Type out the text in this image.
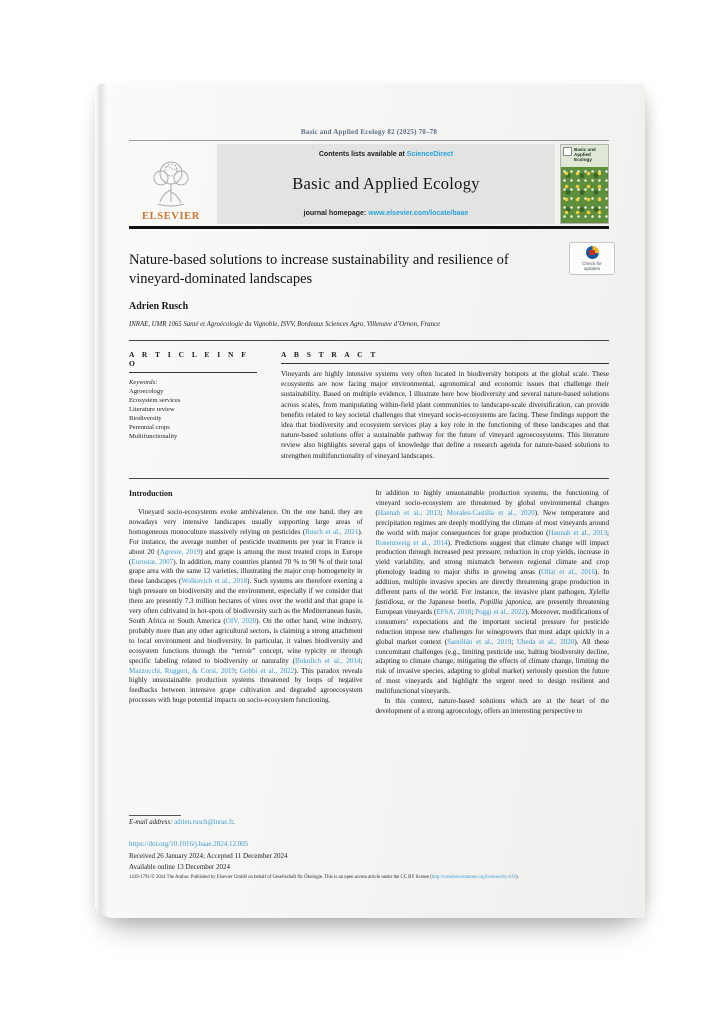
Basic and Applied Ecology 82 (2025) 70–78
ELSEVIER
Contents lists available at ScienceDirect
Basic and Applied Ecology
journal homepage: www.elsevier.com/locate/baae
Basic and
Applied Ecology
Check for
updates
Nature-based solutions to increase sustainability and resilience of vineyard-dominated landscapes
Adrien Rusch
INRAE, UMR 1065 Santé et Agroécologie du Vignoble, ISVV, Bordeaux Sciences Agro, Villenave d’Ornon, France
A R T I C L E I N F O
Keywords:
Agroecology
Ecosystem services
Literature review
Biodiversity
Perennial crops
Multifunctionality
A B S T R A C T

Vineyards are highly intensive systems very often located in biodiversity hotspots at the global scale. These ecosystems are now facing major environmental, agronomical and economic issues that challenge their sustainability. Based on multiple evidence, I illustrate here how biodiversity and several nature-based solutions across scales, from manipulating within-field plant communities to landscape-scale diversification, can provide benefits related to key societal challenges that vineyard socio-ecosystems are facing. These findings support the idea that biodiversity and ecosystem services play a key role in the functioning of these landscapes and that nature-based solutions offer a sustainable pathway for the future of vineyard agroecosystems. This literature review also highlights several gaps of knowledge that define a research agenda for nature-based solutions to strengthen multifunctionality of vineyard landscapes.

Introduction

Vineyard socio-ecosystems evoke ambivalence. On the one hand, they are nowadays very intensive landscapes usually supporting large areas of homogeneous monoculture massively relying on pesticides (Rusch et al., 2021). For instance, the average number of pesticide treatments per year in France is about 20 (Agreste, 2019) and grape is among the most treated crops in Europe (Eurostat, 2007). In addition, many countries planted 70 % to 90 % of their total grape area with the same 12 varieties, illustrating the major crop homogeneity in these landscapes (Wolkovich et al., 2018). Such systems are therefore exerting a high pressure on biodiversity and the environment, especially if we consider that there are presently 7.3 million hectares of vines over the world and that grape is very often cultivated in hot-spots of biodiversity such as the Mediterranean basin, South Africa or South America (OIV, 2020). On the other hand, wine industry, probably more than any other agricultural sectors, is claiming a strong attachment to local environment and biodiversity. In particular, it values biodiversity and ecosystem functions through the “terroir” concept, wine typicity or through specific labeling related to biodiversity or naturality (Bokulich et al., 2014; Mazzocchi, Ruggeri, & Corsi, 2019; Gobbi et al., 2022). This paradox reveals highly unsustainable production systems threatened by loops of negative feedbacks between intensive grape cultivation and degraded agroecosystem processes with huge potential impacts on socio-ecosystem functioning.

In addition to highly unsustainable production systems, the functioning of vineyard socio-ecosystem are threatened by global environmental changes (Hannah et al., 2013; Morales-Castilla et al., 2020). New temperature and precipitation regimes are deeply modifying the climate of most vineyards around the world with major consequences for grape production (Hannah et al., 2013; Rosenzweig et al., 2014). Predictions suggest that climate change will impact production through increased pest pressure, reduction in crop yields, increase in yield variability, and strong mismatch between regional climate and crop phenology leading to major shifts in growing areas (Ollat et al., 2016). In addition, multiple invasive species are directly threatening grape production in different parts of the world. For instance, the invasive plant pathogen, Xylella fastidiosa, or the Japanese beetle, Popillia japonica, are presently threatening European vineyards (EFSA, 2018; Poggi et al., 2022). Moreover, modifications of consumers’ expectations and the important societal pressure for pesticide reduction impose new challenges for winegrowers that must adapt quickly in a global market context (Santillán et al., 2019; Ubeda et al., 2020). All these concomitant challenges (e.g., limiting pesticide use, halting biodiversity decline, adapting to climate change, mitigating the effects of climate change, limiting the risk of invasive species, adapting to global market) seriously question the future of most vineyards and highlight the urgent need to design resilient and multifunctional vineyards.

In this context, nature-based solutions which are at the heart of the development of a strong agroecology, offers an interesting perspective to

E-mail address: adrien.rusch@inrae.fr.
https://doi.org/10.1016/j.baae.2024.12.005
Received 26 January 2024; Accepted 11 December 2024
Available online 13 December 2024
1439-1791/© 2024 The Author. Published by Elsevier GmbH on behalf of Gesellschaft für Ökologie. This is an open access article under the CC BY license (http://creativecommons.org/licenses/by/4.0/).
